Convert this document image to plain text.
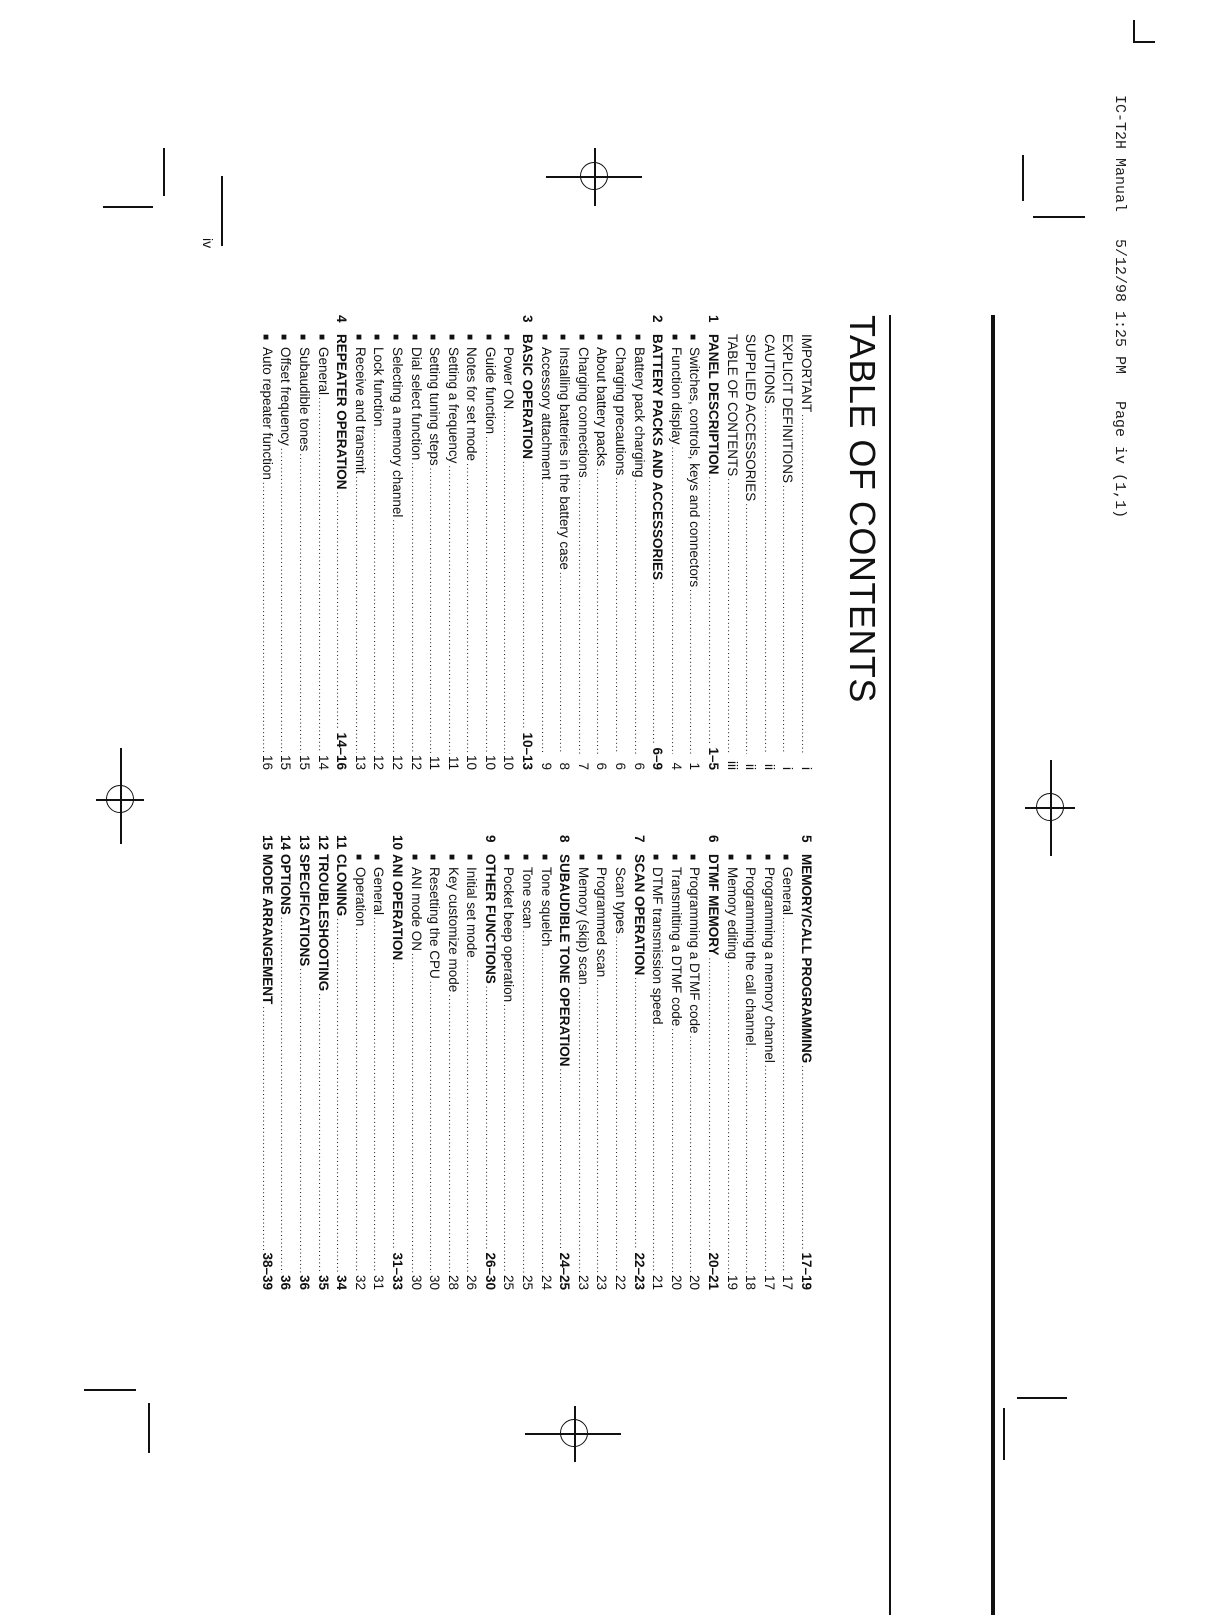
IC-T2H Manual   5/12/98 1:25 PM   Page iv (1,1)
iv
TABLE OF CONTENTS
IMPORTANT
.....
i
EXPLICIT DEFINITIONS
.....
i
CAUTIONS
.....
ii
SUPPLIED ACCESSORIES
.....
ii
TABLE OF CONTENTS
.....
iii
1
PANEL DESCRIPTION
.....
1–5
■
Switches, controls, keys and connectors
.....
1
■
Function display
.....
4
2
BATTERY PACKS AND ACCESSORIES
.....
6–9
■
Battery pack charging
.....
6
■
Charging precautions
.....
6
■
About battery packs
.....
6
■
Charging connections
.....
7
■
Installing batteries in the battery case
.....
8
■
Accessory attachment
.....
9
3
BASIC OPERATION
.....
10–13
■
Power ON
.....
10
■
Guide function
.....
10
■
Notes for set mode
.....
10
■
Setting a frequency
.....
11
■
Setting tuning steps
.....
11
■
Dial select function
.....
12
■
Selecting a memory channel
.....
12
■
Lock function
.....
12
■
Receive and transmit
.....
13
4
REPEATER OPERATION
.....
14–16
■
General
.....
14
■
Subaudible tones
.....
15
■
Offset frequency
.....
15
■
Auto repeater function
.....
16
5
MEMORY/CALL PROGRAMMING
.....
17–19
■
General
.....
17
■
Programming a memory channel
.....
17
■
Programming the call channel
.....
18
■
Memory editing
.....
19
6
DTMF MEMORY
.....
20–21
■
Programming a DTMF code
.....
20
■
Transmitting a DTMF code
.....
20
■
DTMF transmission speed
.....
21
7
SCAN OPERATION
.....
22–23
■
Scan types
.....
22
■
Programmed scan
.....
23
■
Memory (skip) scan
.....
23
8
SUBAUDIBLE TONE OPERATION
.....
24–25
■
Tone squelch
.....
24
■
Tone scan
.....
25
■
Pocket beep operation
.....
25
9
OTHER FUNCTIONS
.....
26–30
■
Initial set mode
.....
26
■
Key customize mode
.....
28
■
Resetting the CPU
.....
30
■
ANI mode ON
.....
30
10
ANI OPERATION
.....
31–33
■
General
.....
31
■
Operation
.....
32
11
CLONING
.....
34
12
TROUBLESHOOTING
.....
35
13
SPECIFICATIONS
.....
36
14
OPTIONS
.....
36
15
MODE ARRANGEMENT
.....
38–39
